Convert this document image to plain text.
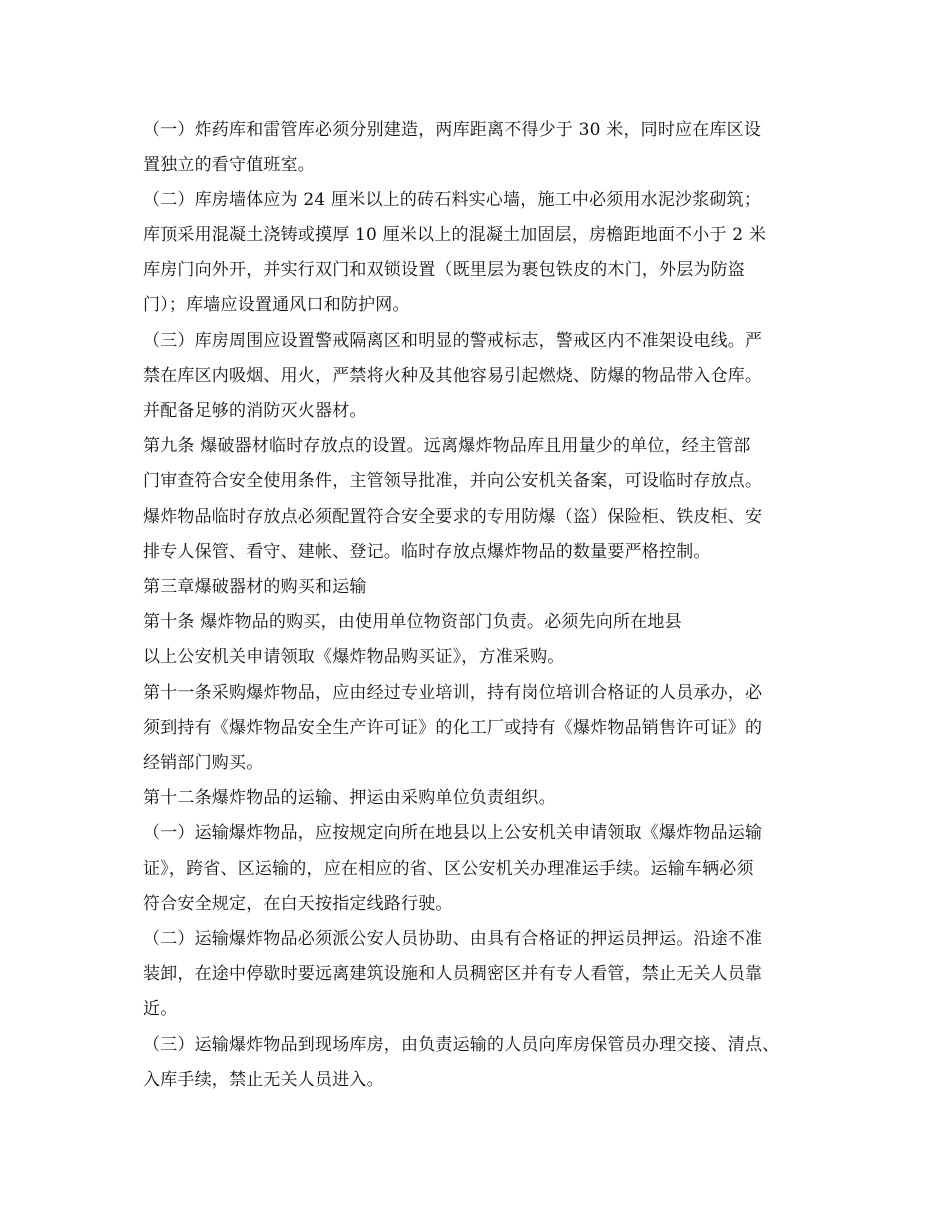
（一）炸药库和雷管库必须分别建造，两库距离不得少于 30 米，同时应在库区设
置独立的看守值班室。
（二）库房墙体应为 24 厘米以上的砖石料实心墙，施工中必须用水泥沙浆砌筑；
库顶采用混凝土浇铸或摸厚 10 厘米以上的混凝土加固层，房檐距地面不小于 2 米
库房门向外开，并实行双门和双锁设置（既里层为裹包铁皮的木门，外层为防盗
门）；库墙应设置通风口和防护网。
（三）库房周围应设置警戒隔离区和明显的警戒标志，警戒区内不准架设电线。严
禁在库区内吸烟、用火，严禁将火种及其他容易引起燃烧、防爆的物品带入仓库。
并配备足够的消防灭火器材。
第九条 爆破器材临时存放点的设置。远离爆炸物品库且用量少的单位，经主管部
门审查符合安全使用条件，主管领导批准，并向公安机关备案，可设临时存放点。
爆炸物品临时存放点必须配置符合安全要求的专用防爆（盗）保险柜、铁皮柜、安
排专人保管、看守、建帐、登记。临时存放点爆炸物品的数量要严格控制。
第三章爆破器材的购买和运输
第十条 爆炸物品的购买，由使用单位物资部门负责。必须先向所在地县
以上公安机关申请领取《爆炸物品购买证》，方准采购。
第十一条采购爆炸物品，应由经过专业培训，持有岗位培训合格证的人员承办，必
须到持有《爆炸物品安全生产许可证》的化工厂或持有《爆炸物品销售许可证》的
经销部门购买。
第十二条爆炸物品的运输、押运由采购单位负责组织。
（一）运输爆炸物品，应按规定向所在地县以上公安机关申请领取《爆炸物品运输
证》，跨省、区运输的，应在相应的省、区公安机关办理准运手续。运输车辆必须
符合安全规定，在白天按指定线路行驶。
（二）运输爆炸物品必须派公安人员协助、由具有合格证的押运员押运。沿途不准
装卸，在途中停歇时要远离建筑设施和人员稠密区并有专人看管，禁止无关人员靠
近。
（三）运输爆炸物品到现场库房，由负责运输的人员向库房保管员办理交接、清点、
入库手续，禁止无关人员进入。
